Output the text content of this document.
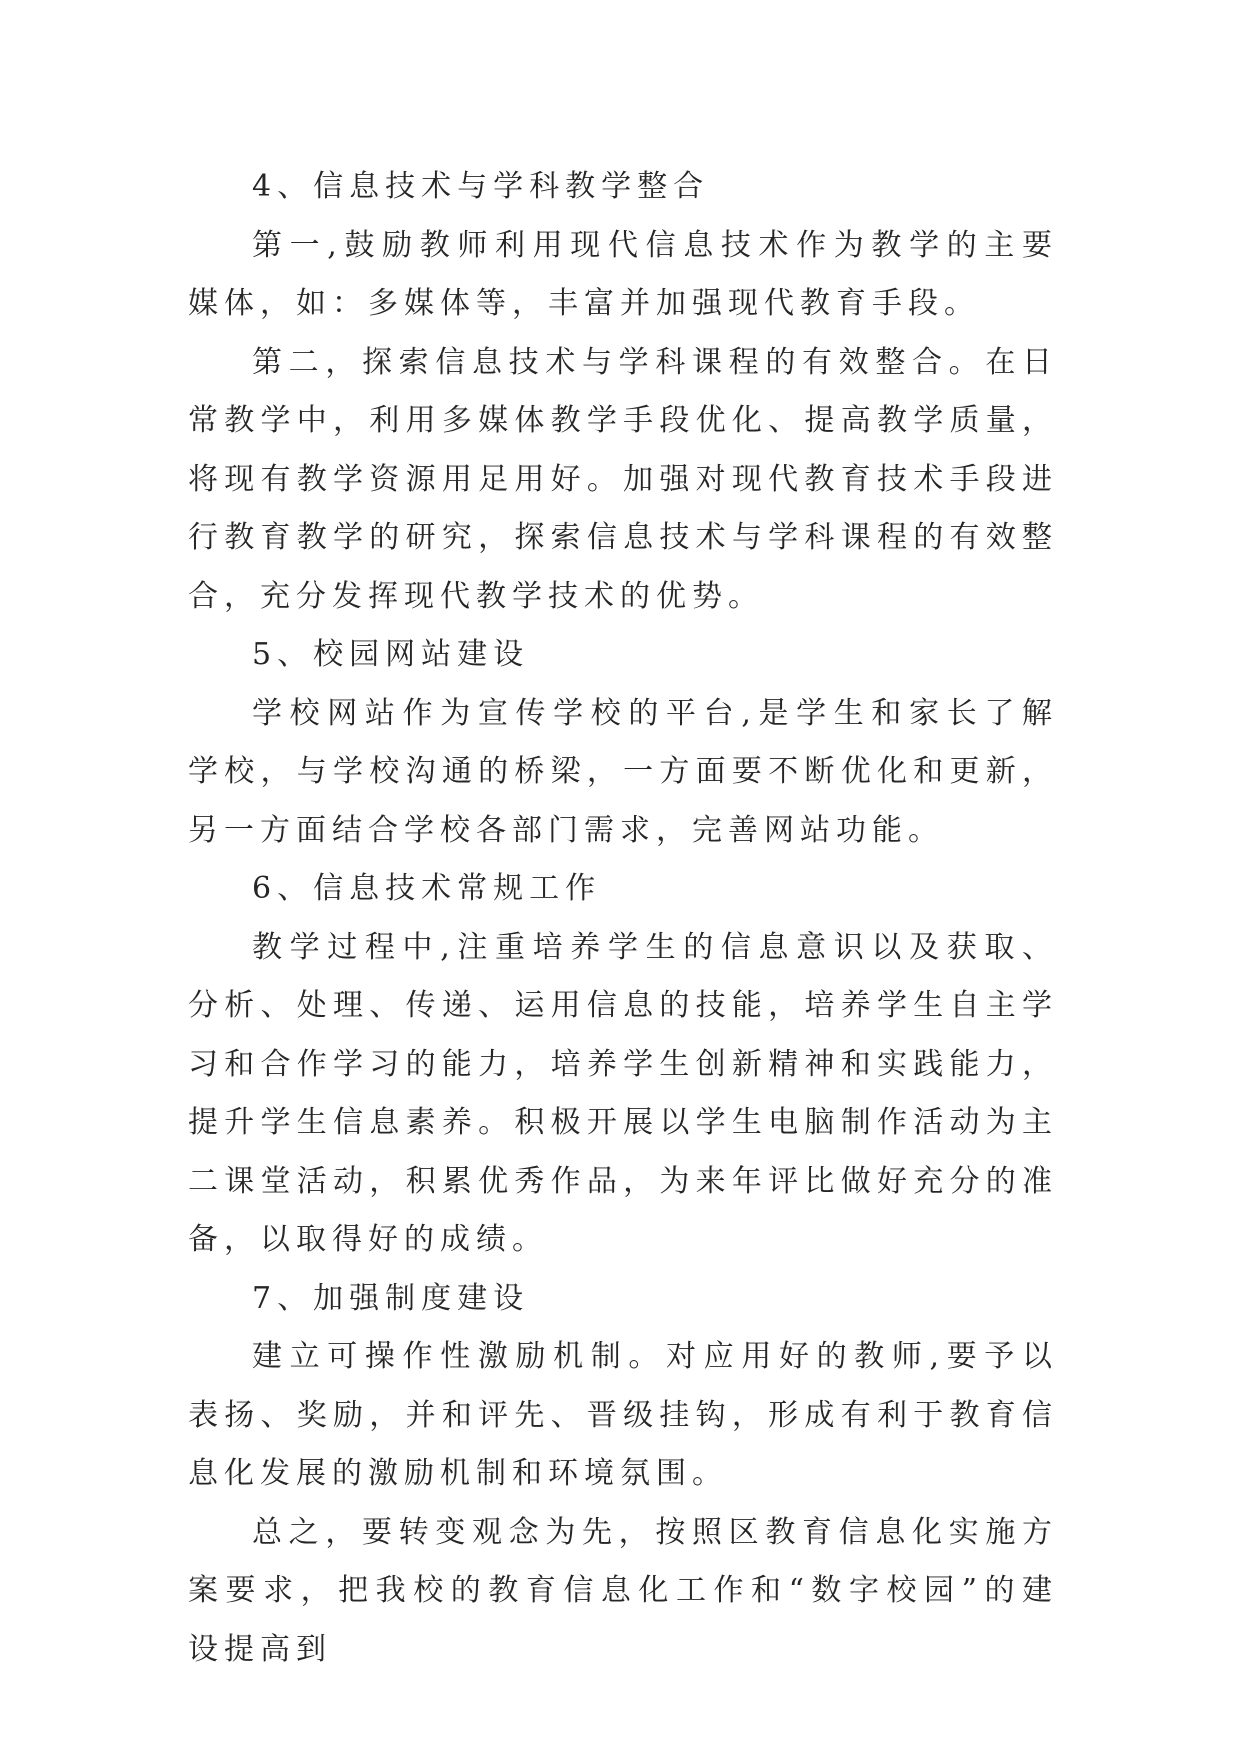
4、信息技术与学科教学整合

第一,鼓励教师利用现代信息技术作为教学的主要媒体，如：多媒体等，丰富并加强现代教育手段。

第二，探索信息技术与学科课程的有效整合。在日常教学中，利用多媒体教学手段优化、提高教学质量，将现有教学资源用足用好。加强对现代教育技术手段进行教育教学的研究，探索信息技术与学科课程的有效整合，充分发挥现代教学技术的优势。

5、校园网站建设

学校网站作为宣传学校的平台,是学生和家长了解学校，与学校沟通的桥梁，一方面要不断优化和更新，另一方面结合学校各部门需求，完善网站功能。

6、信息技术常规工作

教学过程中,注重培养学生的信息意识以及获取、分析、处理、传递、运用信息的技能，培养学生自主学习和合作学习的能力，培养学生创新精神和实践能力，提升学生信息素养。积极开展以学生电脑制作活动为主二课堂活动，积累优秀作品，为来年评比做好充分的准备，以取得好的成绩。

7、加强制度建设

建立可操作性激励机制。对应用好的教师,要予以表扬、奖励，并和评先、晋级挂钩，形成有利于教育信息化发展的激励机制和环境氛围。

总之，要转变观念为先，按照区教育信息化实施方案要求，把我校的教育信息化工作和“数字校园”的建设提高到
